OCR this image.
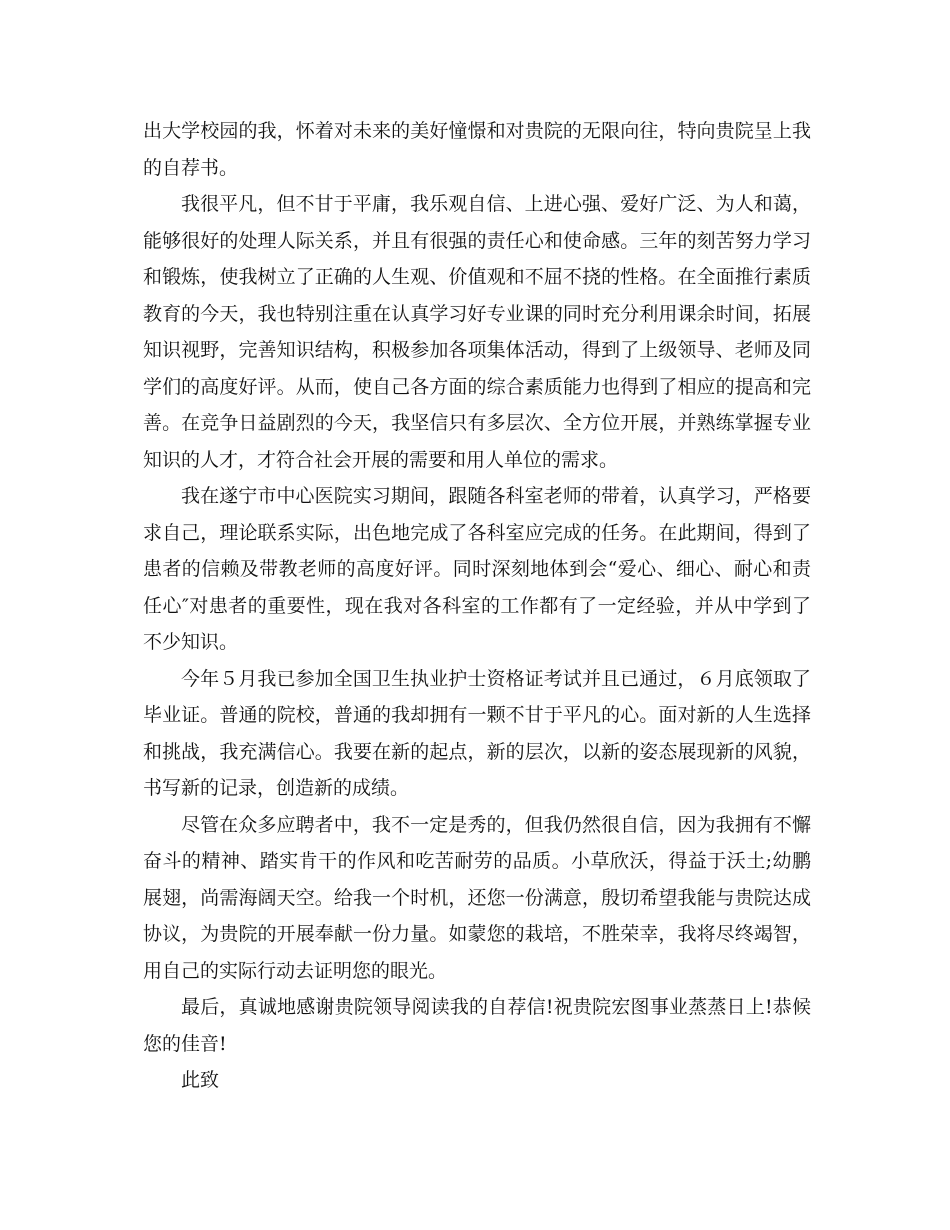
出大学校园的我，怀着对未来的美好憧憬和对贵院的无限向往，特向贵院呈上我的自荐书。

我很平凡，但不甘于平庸，我乐观自信、上进心强、爱好广泛、为人和蔼，能够很好的处理人际关系，并且有很强的责任心和使命感。三年的刻苦努力学习和锻炼，使我树立了正确的人生观、价值观和不屈不挠的性格。在全面推行素质教育的今天，我也特别注重在认真学习好专业课的同时充分利用课余时间，拓展知识视野，完善知识结构，积极参加各项集体活动，得到了上级领导、老师及同学们的高度好评。从而，使自己各方面的综合素质能力也得到了相应的提高和完善。在竞争日益剧烈的今天，我坚信只有多层次、全方位开展，并熟练掌握专业知识的人才，才符合社会开展的需要和用人单位的需求。

我在遂宁市中心医院实习期间，跟随各科室老师的带着，认真学习，严格要求自己，理论联系实际，出色地完成了各科室应完成的任务。在此期间，得到了患者的信赖及带教老师的高度好评。同时深刻地体到会“爱心、细心、耐心和责任心″对患者的重要性，现在我对各科室的工作都有了一定经验，并从中学到了不少知识。

今年５月我已参加全国卫生执业护士资格证考试并且已通过，６月底领取了毕业证。普通的院校，普通的我却拥有一颗不甘于平凡的心。面对新的人生选择和挑战，我充满信心。我要在新的起点，新的层次，以新的姿态展现新的风貌，书写新的记录，创造新的成绩。

尽管在众多应聘者中，我不一定是秀的，但我仍然很自信，因为我拥有不懈奋斗的精神、踏实肯干的作风和吃苦耐劳的品质。小草欣沃，得益于沃土;幼鹏展翅，尚需海阔天空。给我一个时机，还您一份满意，殷切希望我能与贵院达成协议，为贵院的开展奉献一份力量。如蒙您的栽培，不胜荣幸，我将尽终竭智，用自己的实际行动去证明您的眼光。

最后，真诚地感谢贵院领导阅读我的自荐信!祝贵院宏图事业蒸蒸日上!恭候您的佳音!

此致
